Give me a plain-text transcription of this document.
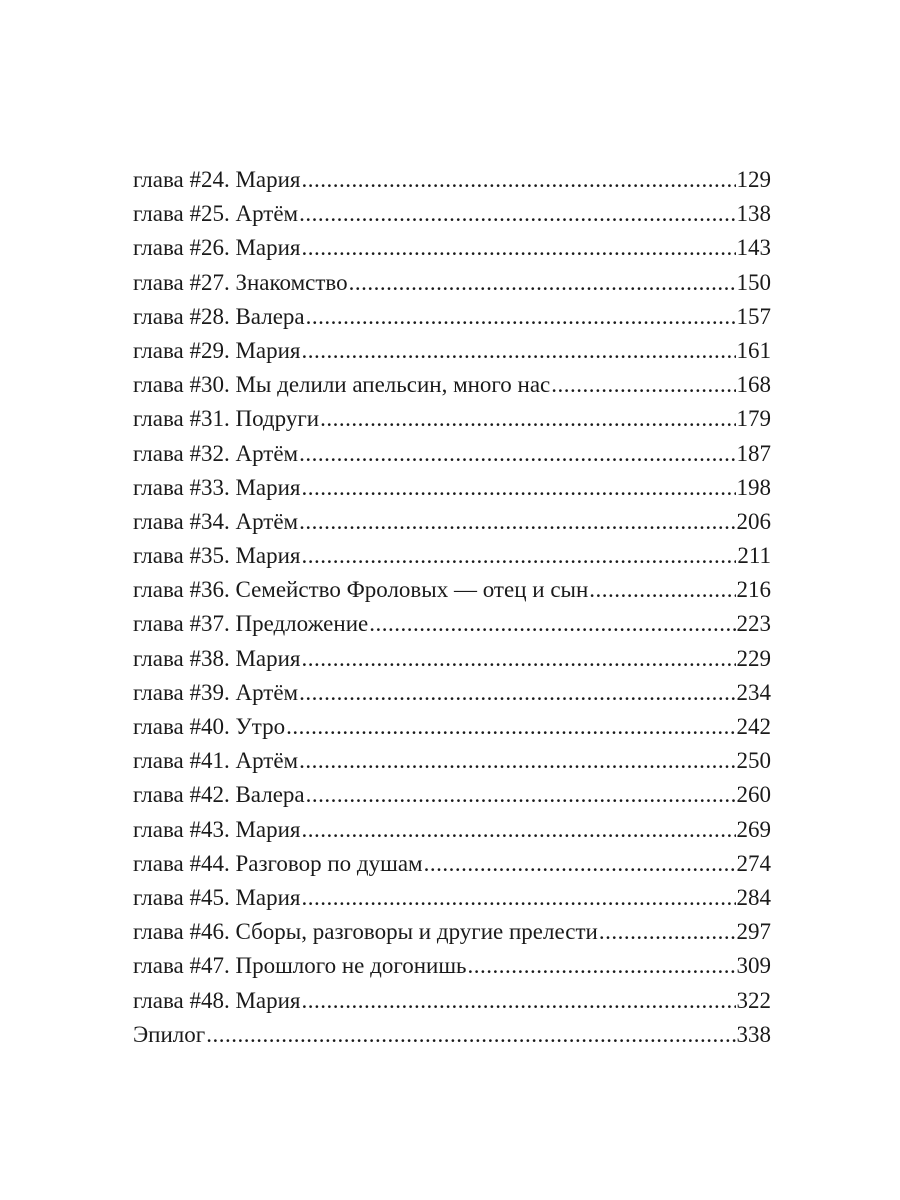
глава #24. Мария .....	129
глава #25. Артём .....	138
глава #26. Мария .....	143
глава #27. Знакомство .....	150
глава #28. Валера .....	157
глава #29. Мария .....	161
глава #30. Мы делили апельсин, много нас .....	168
глава #31. Подруги .....	179
глава #32. Артём .....	187
глава #33. Мария .....	198
глава #34. Артём .....	206
глава #35. Мария .....	211
глава #36. Семейство Фроловых — отец и сын .....	216
глава #37. Предложение .....	223
глава #38. Мария .....	229
глава #39. Артём .....	234
глава #40. Утро .....	242
глава #41. Артём .....	250
глава #42. Валера .....	260
глава #43. Мария .....	269
глава #44. Разговор по душам .....	274
глава #45. Мария .....	284
глава #46. Сборы, разговоры и другие прелести .....	297
глава #47. Прошлого не догонишь .....	309
глава #48. Мария .....	322
Эпилог .....	338
